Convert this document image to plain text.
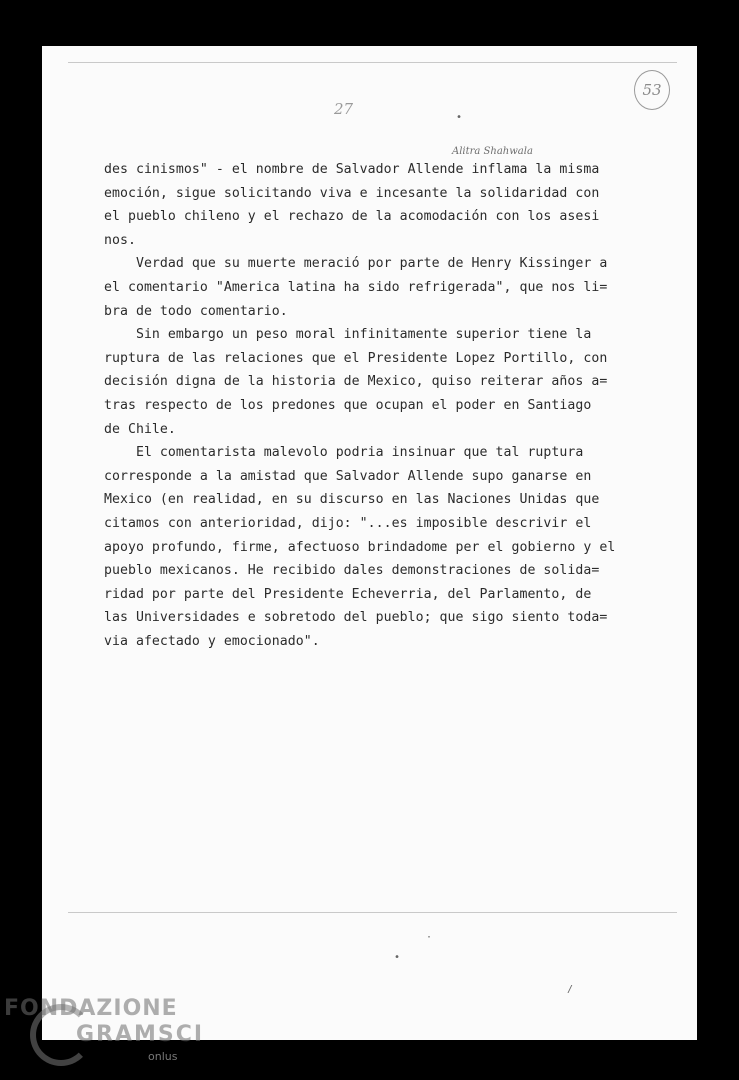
27
53
Alitra Shahwala
•
des cinismos" - el nombre de Salvador Allende inflama la misma
emoción, sigue solicitando viva e incesante la solidaridad con
el pueblo chileno y el rechazo de la acomodación con los asesi
nos.
Verdad que su muerte meració por parte de Henry Kissinger a
el comentario "America latina ha sido refrigerada", que nos li=
bra de todo comentario.
Sin embargo un peso moral infinitamente superior tiene la
ruptura de las relaciones que el Presidente Lopez Portillo, con
decisión digna de la historia de Mexico, quiso reiterar años a=
tras respecto de los predones que ocupan el poder en Santiago
de Chile.
El comentarista malevolo podria insinuar que tal ruptura
corresponde a la amistad que Salvador Allende supo ganarse en
Mexico (en realidad, en su discurso en las Naciones Unidas que
citamos con anterioridad, dijo: "...es imposible descrivir el
apoyo profundo, firme, afectuoso brindadome per el gobierno y el
pueblo mexicanos. He recibido dales demonstraciones de solida=
ridad por parte del Presidente Echeverria, del Parlamento, de
las Universidades e sobretodo del pueblo; que sigo siento toda=
via afectado y emocionado".
·
•
/
FONDAZIONE
GRAMSCI
onlus
